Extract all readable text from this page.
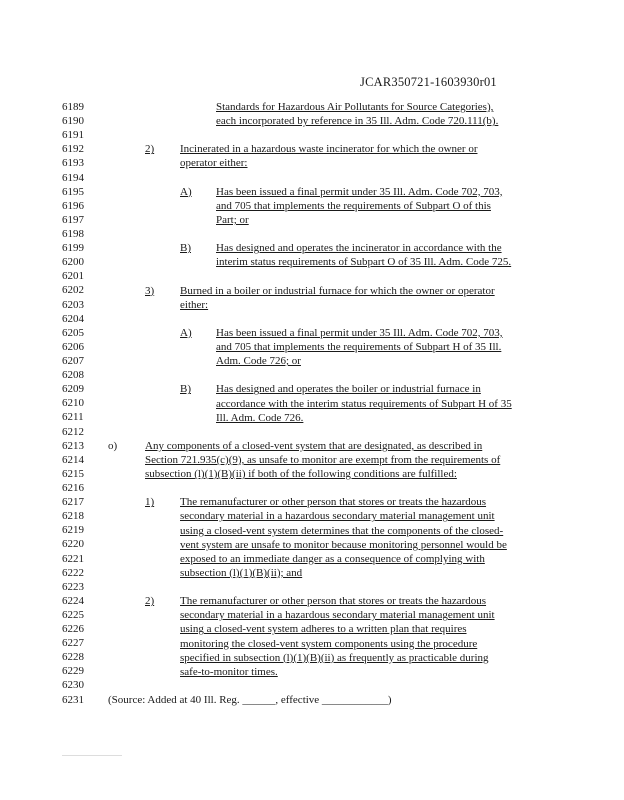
JCAR350721-1603930r01
6189
6190
6191
6192
6193
6194
6195
6196
6197
6198
6199
6200
6201
6202
6203
6204
6205
6206
6207
6208
6209
6210
6211
6212
6213
6214
6215
6216
6217
6218
6219
6220
6221
6222
6223
6224
6225
6226
6227
6228
6229
6230
6231
Standards for Hazardous Air Pollutants for Source Categories),
each incorporated by reference in 35 Ill. Adm. Code 720.111(b).
2) Incinerated in a hazardous waste incinerator for which the owner or
operator either:
A) Has been issued a final permit under 35 Ill. Adm. Code 702, 703,
and 705 that implements the requirements of Subpart O of this
Part; or
B) Has designed and operates the incinerator in accordance with the
interim status requirements of Subpart O of 35 Ill. Adm. Code 725.
3) Burned in a boiler or industrial furnace for which the owner or operator
either:
A) Has been issued a final permit under 35 Ill. Adm. Code 702, 703,
and 705 that implements the requirements of Subpart H of 35 Ill.
Adm. Code 726; or
B) Has designed and operates the boiler or industrial furnace in
accordance with the interim status requirements of Subpart H of 35
Ill. Adm. Code 726.
o)	Any components of a closed-vent system that are designated, as described in
Section 721.935(c)(9), as unsafe to monitor are exempt from the requirements of
subsection (l)(1)(B)(ii) if both of the following conditions are fulfilled:
1) The remanufacturer or other person that stores or treats the hazardous
secondary material in a hazardous secondary material management unit
using a closed-vent system determines that the components of the closed-
vent system are unsafe to monitor because monitoring personnel would be
exposed to an immediate danger as a consequence of complying with
subsection (l)(1)(B)(ii); and
2) The remanufacturer or other person that stores or treats the hazardous
secondary material in a hazardous secondary material management unit
using a closed-vent system adheres to a written plan that requires
monitoring the closed-vent system components using the procedure
specified in subsection (l)(1)(B)(ii) as frequently as practicable during
safe-to-monitor times.
(Source: Added at 40 Ill. Reg. ______, effective ____________)
